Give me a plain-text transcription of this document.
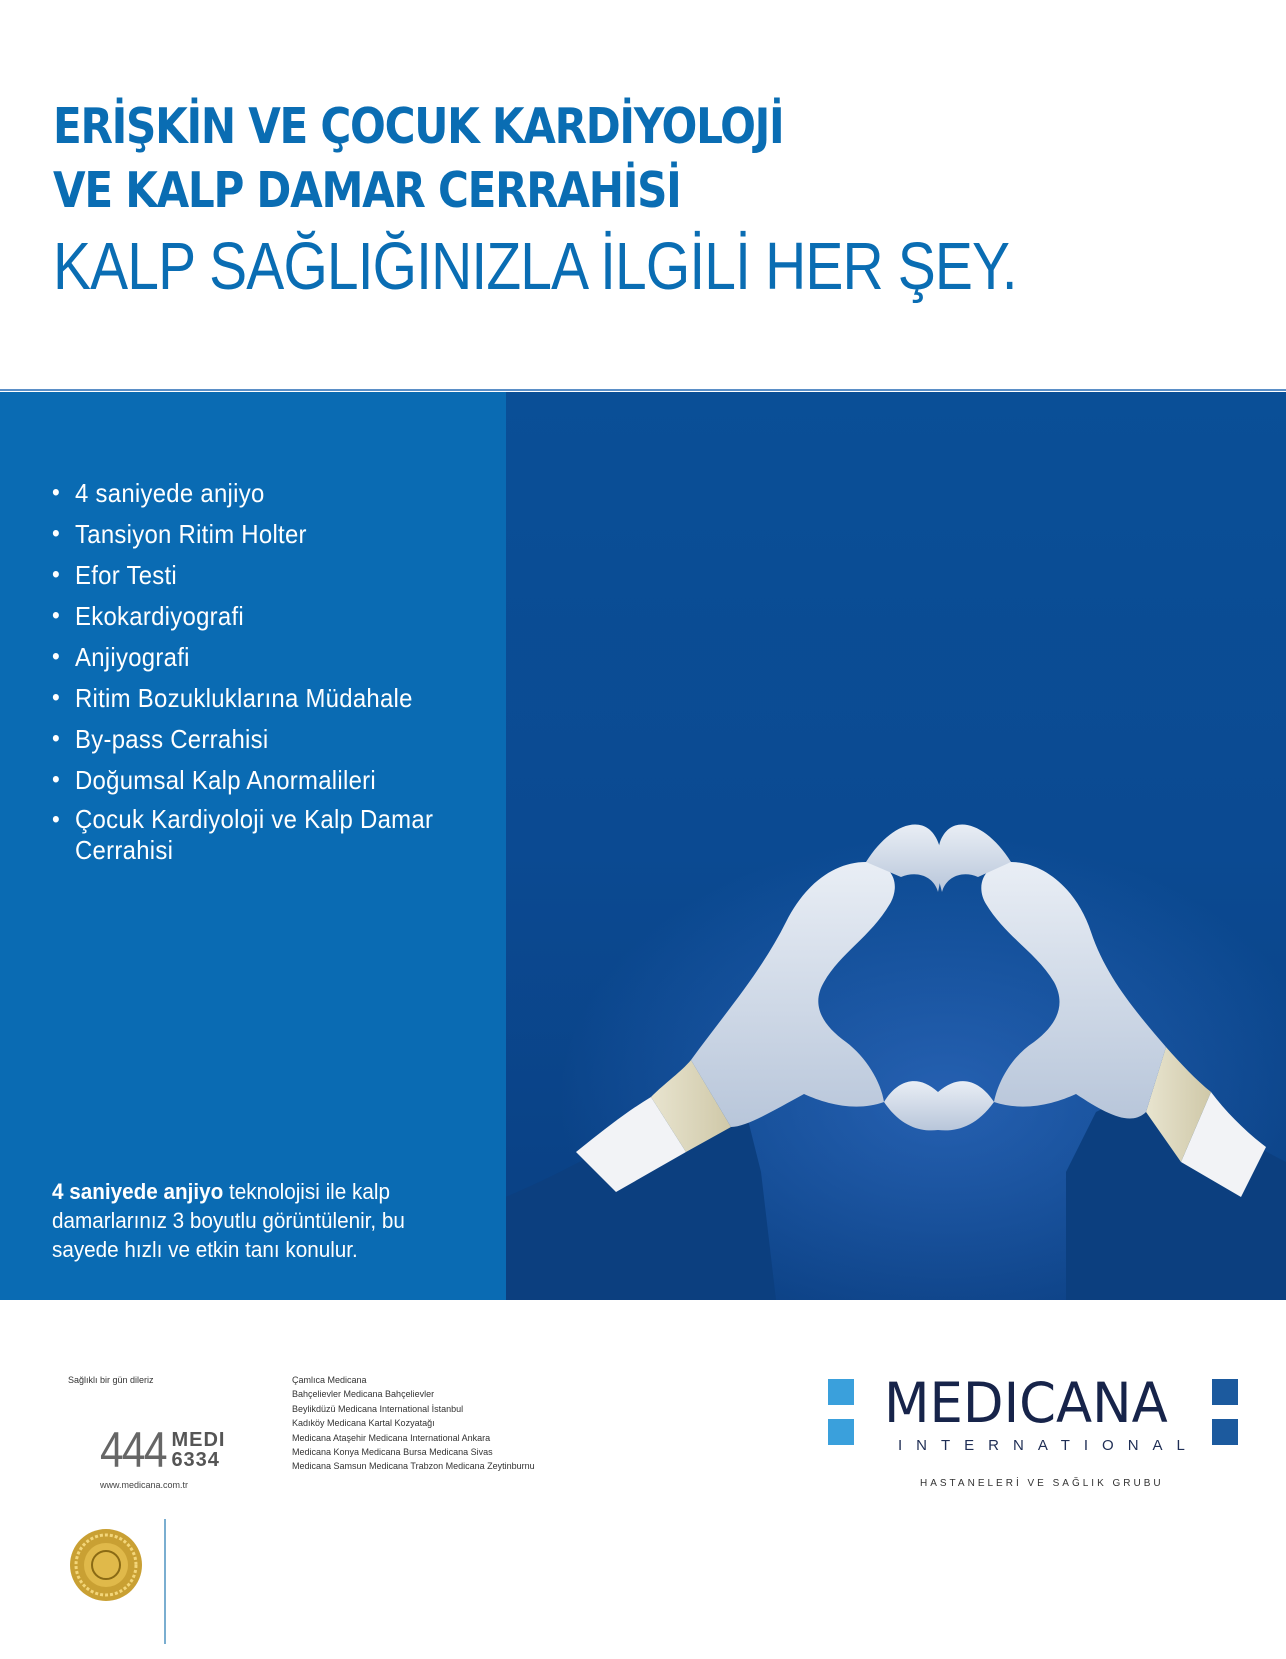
ERİŞKİN VE ÇOCUK KARDİYOLOJİ
VE KALP DAMAR CERRAHİSİ
KALP SAĞLIĞINIZLA İLGİLİ HER ŞEY.
• 4 saniyede anjiyo
• Tansiyon Ritim Holter
• Efor Testi
• Ekokardiyografi
• Anjiyografi
• Ritim Bozukluklarına Müdahale
• By-pass Cerrahisi
• Doğumsal Kalp Anormalileri
• Çocuk Kardiyoloji ve Kalp Damar Cerrahisi
4 saniyede anjiyo teknolojisi ile kalp damarlarınız 3 boyutlu görüntülenir, bu sayede hızlı ve etkin tanı konulur.
Sağlıklı bir gün dileriz
444 MEDI
6334
www.medicana.com.tr
Çamlıca Medicana
Bahçelievler Medicana Bahçelievler
Beylikdüzü Medicana International İstanbul
Kadıköy Medicana Kartal Kozyatağı
Medicana Ataşehir Medicana International Ankara
Medicana Konya Medicana Bursa Medicana Sivas
Medicana Samsun Medicana Trabzon Medicana Zeytinburnu
MEDICANA
INTERNATIONAL
HASTANELERİ VE SAĞLIK GRUBU
